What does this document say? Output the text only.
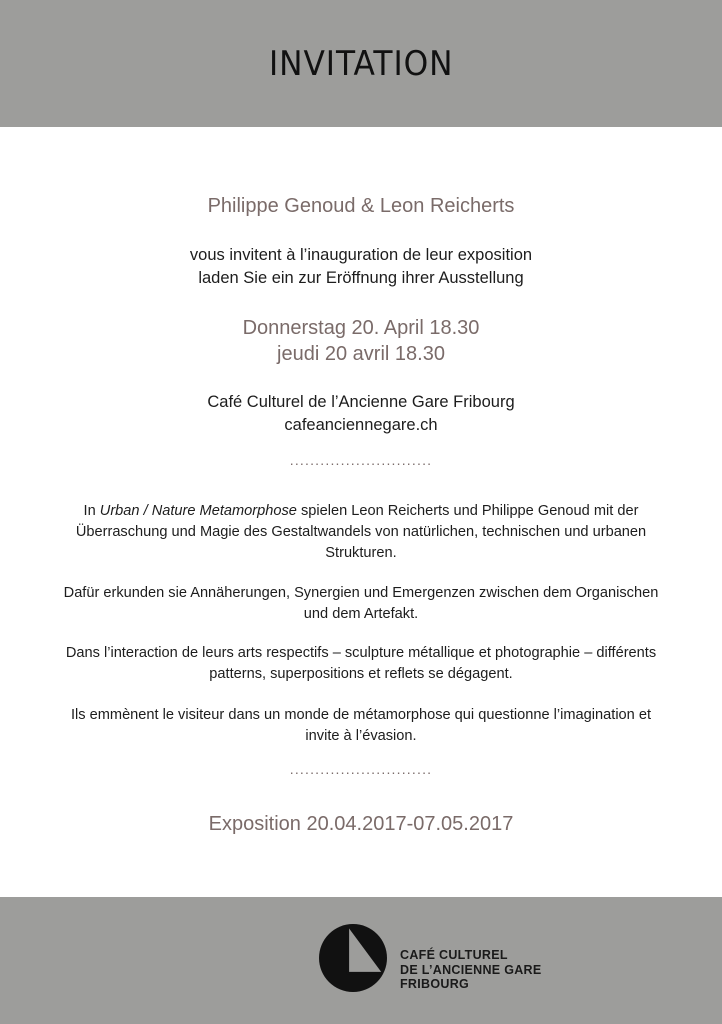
INVITATION
Philippe Genoud & Leon Reicherts
vous invitent à l’inauguration de leur exposition
laden Sie ein zur Eröffnung ihrer Ausstellung
Donnerstag 20. April 18.30
jeudi 20 avril 18.30
Café Culturel de l’Ancienne Gare Fribourg
cafeanciennegare.ch
............................

In Urban / Nature Metamorphose spielen Leon Reicherts und Philippe Genoud mit der Überraschung und Magie des Gestaltwandels von natürlichen, technischen und urbanen Strukturen.

Dafür erkunden sie Annäherungen, Synergien und Emergenzen zwischen dem Organischen und dem Artefakt.

Dans l’interaction de leurs arts respectifs – sculpture métallique et photographie – différents patterns, superpositions et reflets se dégagent.

Ils emmènent le visiteur dans un monde de métamorphose qui questionne l’imagination et invite à l’évasion.

............................
Exposition 20.04.2017-07.05.2017
CAFÉ CULTUREL
DE L’ANCIENNE GARE
FRIBOURG
